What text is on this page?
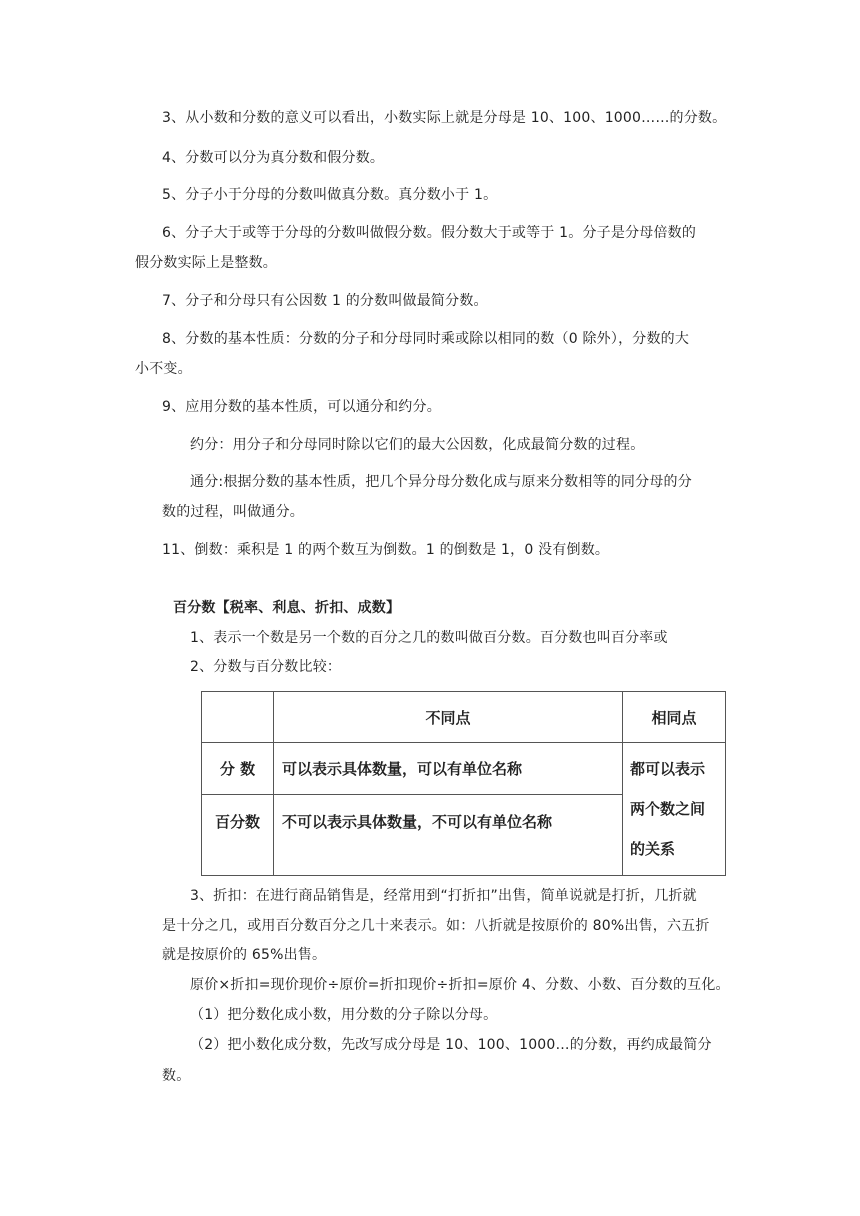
3、从小数和分数的意义可以看出，小数实际上就是分母是 10、100、1000……的分数。
4、分数可以分为真分数和假分数。
5、分子小于分母的分数叫做真分数。真分数小于 1。
6、分子大于或等于分母的分数叫做假分数。假分数大于或等于 1。分子是分母倍数的
假分数实际上是整数。
7、分子和分母只有公因数 1 的分数叫做最简分数。
8、分数的基本性质：分数的分子和分母同时乘或除以相同的数（0 除外），分数的大
小不变。
9、应用分数的基本性质，可以通分和约分。
约分：用分子和分母同时除以它们的最大公因数，化成最简分数的过程。
通分:根据分数的基本性质，把几个异分母分数化成与原来分数相等的同分母的分
数的过程，叫做通分。
11、倒数：乘积是 1 的两个数互为倒数。1 的倒数是 1，0 没有倒数。
百分数【税率、利息、折扣、成数】
1、表示一个数是另一个数的百分之几的数叫做百分数。百分数也叫百分率或
2、分数与百分数比较：
	不同点	相同点
分 数	可以表示具体数量，可以有单位名称	都可以表示
两个数之间
的关系

百分数	不可以表示具体数量，不可以有单位名称	
3、折扣：在进行商品销售是，经常用到“打折扣”出售，简单说就是打折，几折就
是十分之几，或用百分数百分之几十来表示。如：八折就是按原价的 80%出售，六五折
就是按原价的 65%出售。
原价×折扣=现价现价÷原价=折扣现价÷折扣=原价 4、分数、小数、百分数的互化。
（1）把分数化成小数，用分数的分子除以分母。
（2）把小数化成分数，先改写成分母是 10、100、1000…的分数，再约成最简分
数。
